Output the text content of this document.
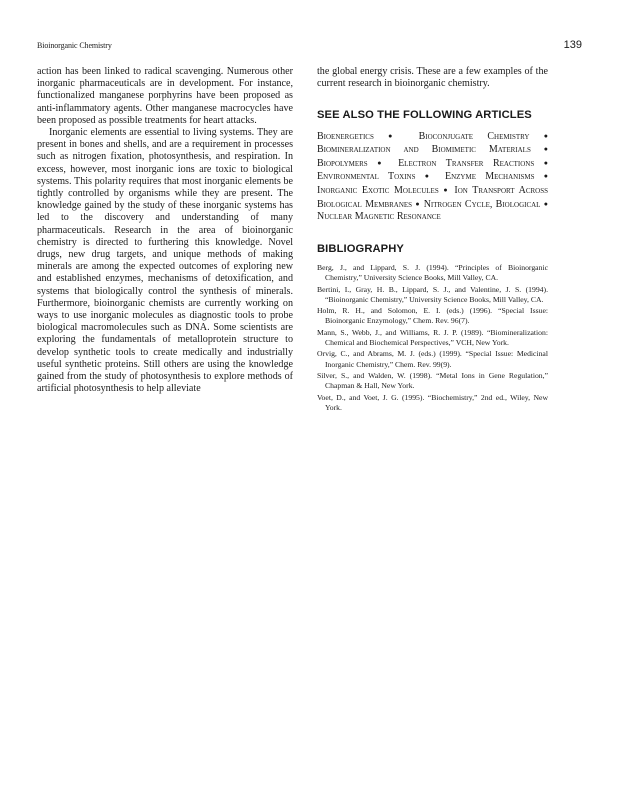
Bioinorganic Chemistry	139

action has been linked to radical scavenging. Numerous other inorganic pharmaceuticals are in development. For instance, functionalized manganese porphyrins have been proposed as anti-inflammatory agents. Other manganese macrocycles have been proposed as possible treatments for heart attacks.

Inorganic elements are essential to living systems. They are present in bones and shells, and are a requirement in processes such as nitrogen fixation, photosynthesis, and respiration. In excess, however, most inorganic ions are toxic to biological systems. This polarity requires that most inorganic elements be tightly controlled by organisms while they are present. The knowledge gained by the study of these inorganic systems has led to the discovery and understanding of many pharmaceuticals. Research in the area of bioinorganic chemistry is directed to furthering this knowledge. Novel drugs, new drug targets, and unique methods of making minerals are among the expected outcomes of exploring new and established enzymes, mechanisms of detoxification, and systems that biologically control the synthesis of minerals. Furthermore, bioinorganic chemists are currently working on ways to use inorganic molecules as diagnostic tools to probe biological macromolecules such as DNA. Some scientists are exploring the fundamentals of metalloprotein structure to develop synthetic tools to create medically and industrially useful synthetic proteins. Still others are using the knowledge gained from the study of photosynthesis to explore methods of artificial photosynthesis to help alleviate

the global energy crisis. These are a few examples of the current research in bioinorganic chemistry.

SEE ALSO THE FOLLOWING ARTICLES
Bioenergetics ● Bioconjugate Chemistry ● Biomineralization and Biomimetic Materials ● Biopolymers ● Electron Transfer Reactions ● Environmental Toxins ● Enzyme Mechanisms ● Inorganic Exotic Molecules ● Ion Transport Across Biological Membranes ● Nitrogen Cycle, Biological ● Nuclear Magnetic Resonance
BIBLIOGRAPHY
Berg, J., and Lippard, S. J. (1994). “Principles of Bioinorganic Chemistry,” University Science Books, Mill Valley, CA.
Bertini, I., Gray, H. B., Lippard, S. J., and Valentine, J. S. (1994). “Bioinorganic Chemistry,” University Science Books, Mill Valley, CA.
Holm, R. H., and Solomon, E. I. (eds.) (1996). “Special Issue: Bioinorganic Enzymology,” Chem. Rev. 96(7).
Mann, S., Webb, J., and Williams, R. J. P. (1989). “Biomineralization: Chemical and Biochemical Perspectives,” VCH, New York.
Orvig, C., and Abrams, M. J. (eds.) (1999). “Special Issue: Medicinal Inorganic Chemistry,” Chem. Rev. 99(9).
Silver, S., and Walden, W. (1998). “Metal Ions in Gene Regulation,” Chapman & Hall, New York.
Voet, D., and Voet, J. G. (1995). “Biochemistry,” 2nd ed., Wiley, New York.
